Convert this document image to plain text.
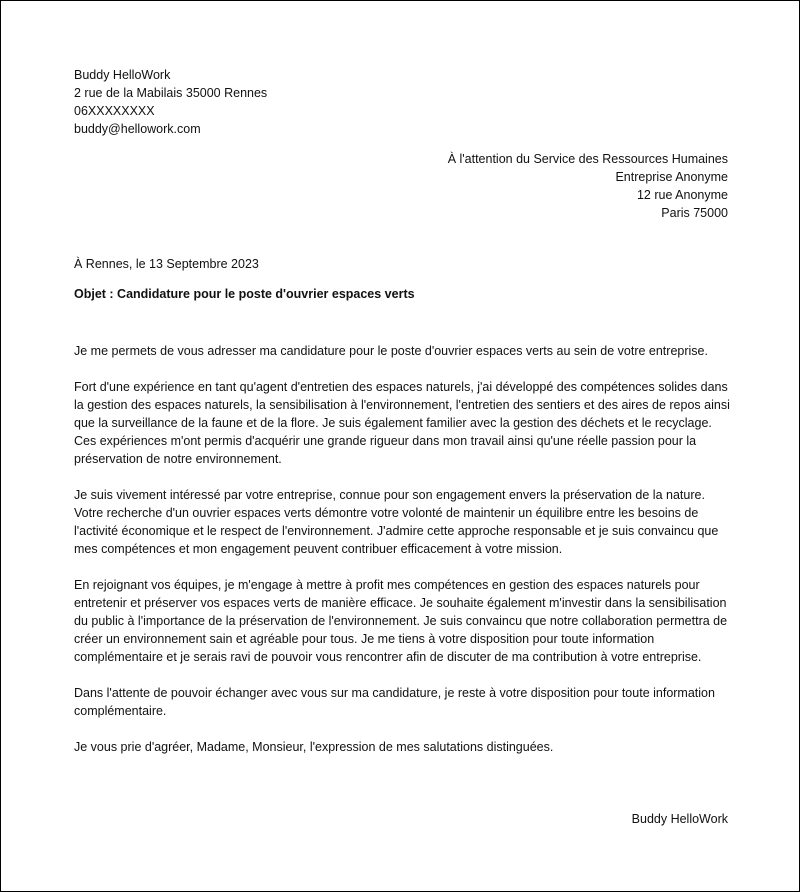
Buddy HelloWork
2 rue de la Mabilais 35000 Rennes
06XXXXXXXX
buddy@hellowork.com
À l'attention du Service des Ressources Humaines
Entreprise Anonyme
12 rue Anonyme
Paris 75000
À Rennes, le 13 Septembre 2023
Objet : Candidature pour le poste d'ouvrier espaces verts

Je me permets de vous adresser ma candidature pour le poste d'ouvrier espaces verts au sein de votre entreprise.

Fort d'une expérience en tant qu'agent d'entretien des espaces naturels, j'ai développé des compétences solides dans la gestion des espaces naturels, la sensibilisation à l'environnement, l'entretien des sentiers et des aires de repos ainsi que la surveillance de la faune et de la flore. Je suis également familier avec la gestion des déchets et le recyclage. Ces expériences m'ont permis d'acquérir une grande rigueur dans mon travail ainsi qu'une réelle passion pour la préservation de notre environnement.

Je suis vivement intéressé par votre entreprise, connue pour son engagement envers la préservation de la nature. Votre recherche d'un ouvrier espaces verts démontre votre volonté de maintenir un équilibre entre les besoins de l'activité économique et le respect de l'environnement. J'admire cette approche responsable et je suis convaincu que mes compétences et mon engagement peuvent contribuer efficacement à votre mission.

En rejoignant vos équipes, je m'engage à mettre à profit mes compétences en gestion des espaces naturels pour entretenir et préserver vos espaces verts de manière efficace. Je souhaite également m'investir dans la sensibilisation du public à l'importance de la préservation de l'environnement. Je suis convaincu que notre collaboration permettra de créer un environnement sain et agréable pour tous. Je me tiens à votre disposition pour toute information complémentaire et je serais ravi de pouvoir vous rencontrer afin de discuter de ma contribution à votre entreprise.

Dans l'attente de pouvoir échanger avec vous sur ma candidature, je reste à votre disposition pour toute information complémentaire.

Je vous prie d'agréer, Madame, Monsieur, l'expression de mes salutations distinguées.

Buddy HelloWork
